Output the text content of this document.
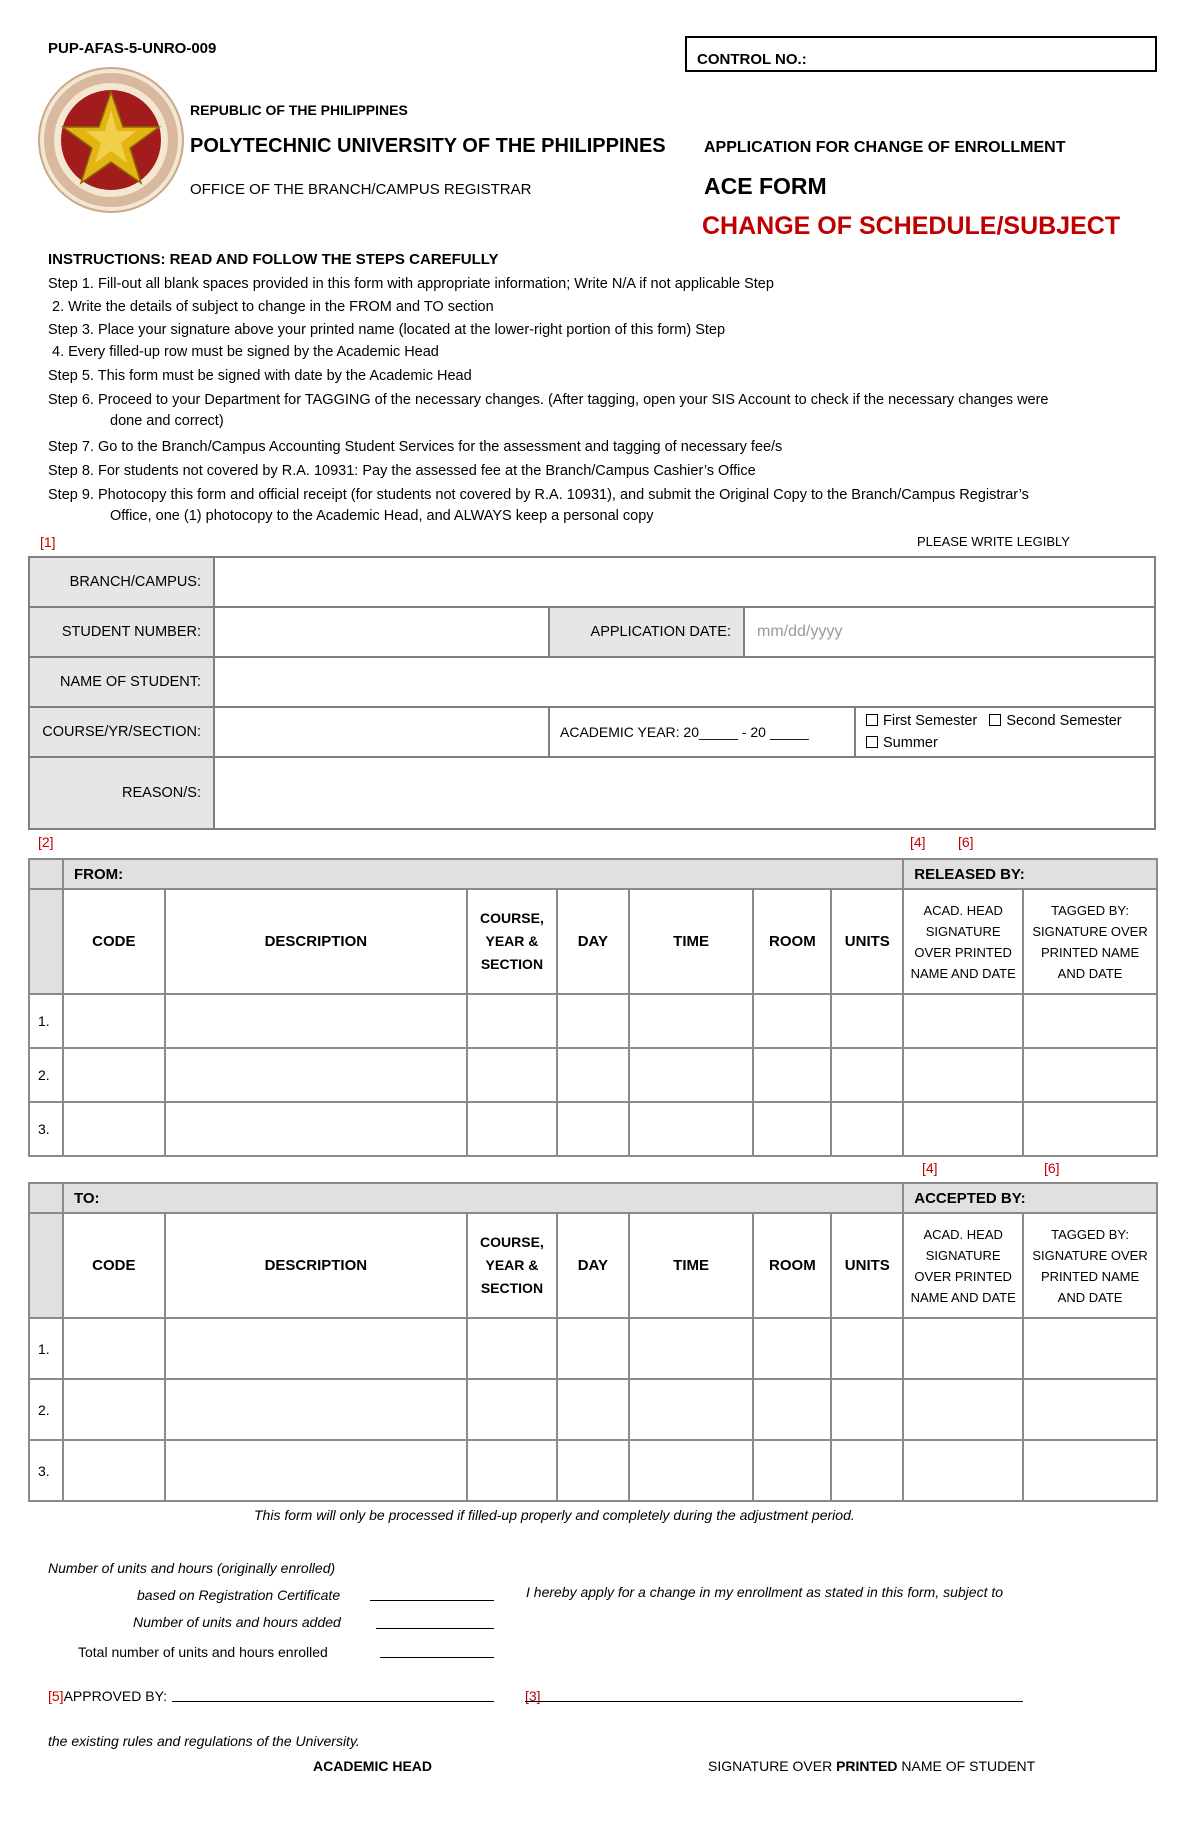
PUP-AFAS-5-UNRO-009
CONTROL NO.:
REPUBLIC OF THE PHILIPPINES
POLYTECHNIC UNIVERSITY OF THE PHILIPPINES
OFFICE OF THE BRANCH/CAMPUS REGISTRAR
APPLICATION FOR CHANGE OF ENROLLMENT
ACE FORM
CHANGE OF SCHEDULE/SUBJECT
INSTRUCTIONS: READ AND FOLLOW THE STEPS CAREFULLY
Step 1. Fill-out all blank spaces provided in this form with appropriate information; Write N/A if not applicable Step
2. Write the details of subject to change in the FROM and TO section
Step 3. Place your signature above your printed name (located at the lower-right portion of this form) Step
4. Every filled-up row must be signed by the Academic Head
Step 5. This form must be signed with date by the Academic Head
Step 6. Proceed to your Department for TAGGING of the necessary changes. (After tagging, open your SIS Account to check if the necessary changes were
done and correct)
Step 7. Go to the Branch/Campus Accounting Student Services for the assessment and tagging of necessary fee/s
Step 8. For students not covered by R.A. 10931: Pay the assessed fee at the Branch/Campus Cashier’s Office
Step 9. Photocopy this form and official receipt (for students not covered by R.A. 10931), and submit the Original Copy to the Branch/Campus Registrar’s
Office, one (1) photocopy to the Academic Head, and ALWAYS keep a personal copy
[1]	PLEASE WRITE LEGIBLY
BRANCH/CAMPUS:				
STUDENT NUMBER:		APPLICATION DATE:	mm/dd/yyyy	
NAME OF STUDENT:				
COURSE/YR/SECTION:		ACADEMIC YEAR: 20_____ - 20 _____		First Semester Second Semester
Summer

REASON/S:				
[2]	[4] [6]
	FROM:							RELEASED BY:	
	CODE	DESCRIPTION	COURSE, YEAR & SECTION	DAY	TIME	ROOM	UNITS	ACAD. HEAD SIGNATURE OVER PRINTED NAME AND DATE	TAGGED BY: SIGNATURE OVER PRINTED NAME AND DATE
1.									
2.									
3.									
[4]	[6]
	TO:							ACCEPTED BY:	
	CODE	DESCRIPTION	COURSE, YEAR & SECTION	DAY	TIME	ROOM	UNITS	ACAD. HEAD SIGNATURE OVER PRINTED NAME AND DATE	TAGGED BY: SIGNATURE OVER PRINTED NAME AND DATE
1.									
2.									
3.									
This form will only be processed if filled-up properly and completely during the adjustment period.
Number of units and hours (originally enrolled)
based on Registration Certificate
Number of units and hours added
Total number of units and hours enrolled
I hereby apply for a change in my enrollment as stated in this form, subject to
[5]APPROVED BY:	[3]
the existing rules and regulations of the University.
ACADEMIC HEAD	SIGNATURE OVER PRINTED NAME OF STUDENT
